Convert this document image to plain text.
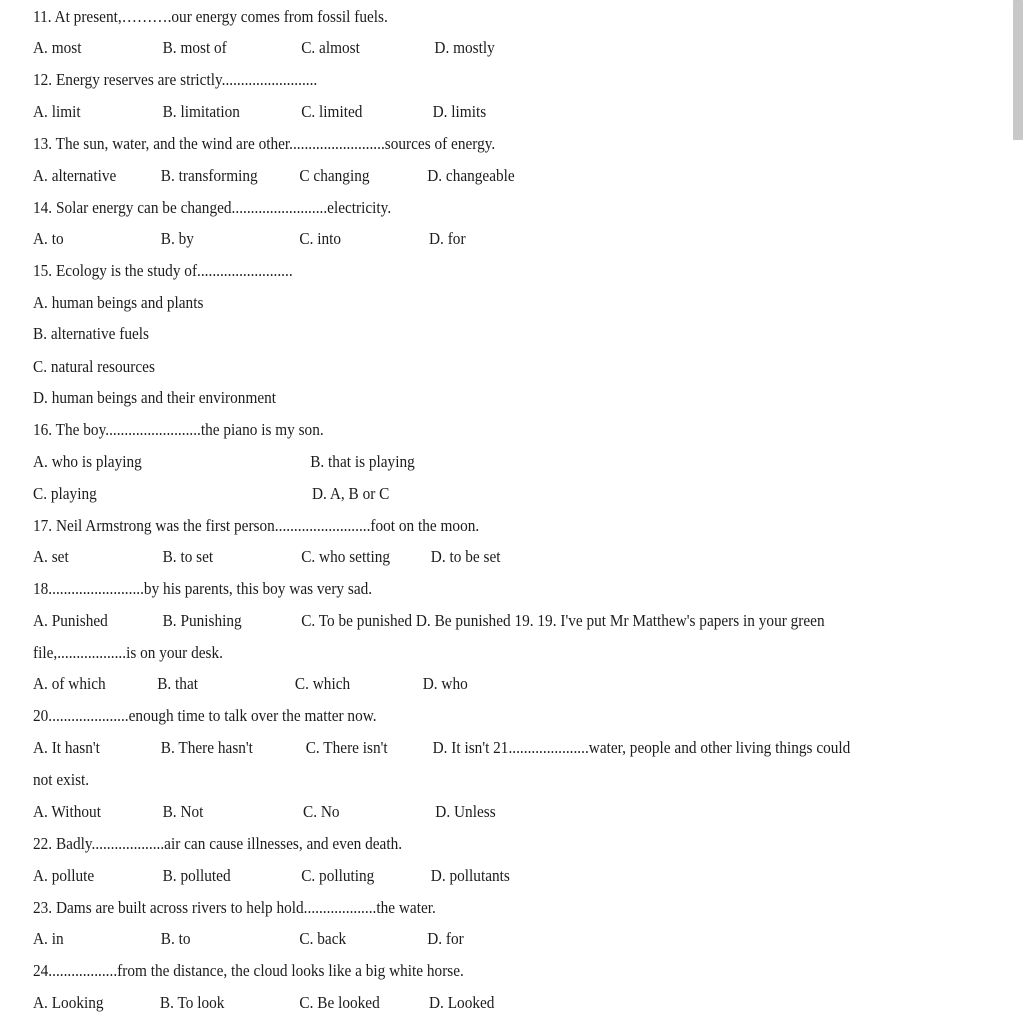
11. At present,……….our energy comes from fossil fuels.
A. most	B. most of	C. almost	D. mostly
12. Energy reserves are strictly.........................
A. limit	B. limitation	C. limited	D. limits
13. The sun, water, and the wind are other.........................sources of energy.
A. alternative	B. transforming C changing	D. changeable
14. Solar energy can be changed.........................electricity.
A. to	B. by	C. into	D. for
15. Ecology is the study of.........................
A. human beings and plants
B. alternative fuels
C. natural resources
D. human beings and their environment
16. The boy.........................the piano is my son.
A. who is playing	B. that is playing
C. playing	D. A, B or C
17. Neil Armstrong was the first person.........................foot on the moon.
A. set	B. to set	C. who setting D. to be set
18.........................by his parents, this boy was very sad.
A. Punished	B. Punishing	C. To be punished D. Be punished 19. 19. I've put Mr Matthew's papers in your green
file,..................is on your desk.
A. of which	B. that	C. which	D. who
20.....................enough time to talk over the matter now.
A. It hasn't	B. There hasn't	C. There isn't	D. It isn't 21.....................water, people and other living things could
not exist.
A. Without	B. Not	C. No	D. Unless
22. Badly...................air can cause illnesses, and even death.
A. pollute	B. polluted	C. polluting	D. pollutants
23. Dams are built across rivers to help hold...................the water.
A. in	B. to	C. back	D. for
24..................from the distance, the cloud looks like a big white horse.
A. Looking	B. To look	C. Be looked	D. Looked
